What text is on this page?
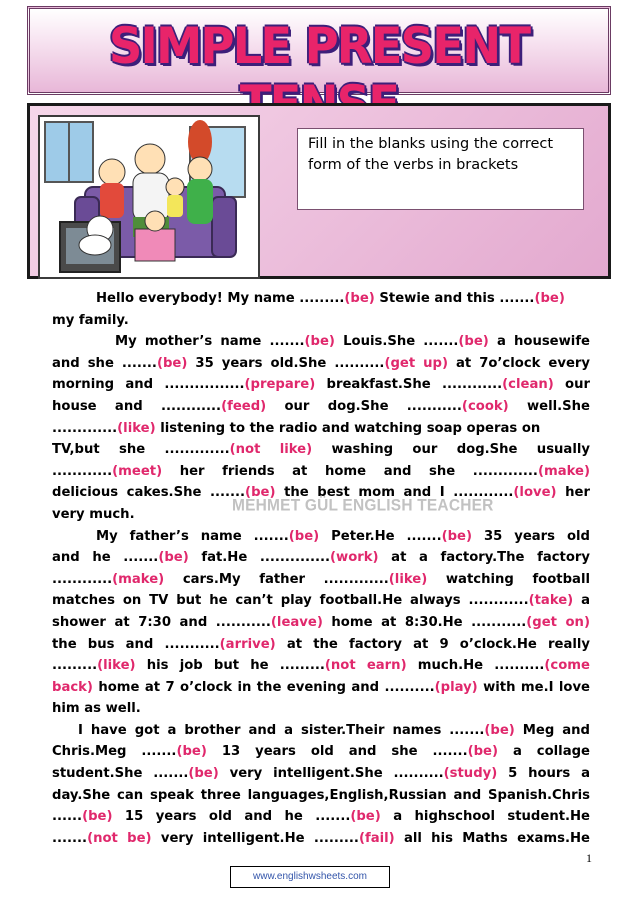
SIMPLE PRESENT
Fill in the blanks using the correct form of the verbs in brackets
Hello everybody! My name .........(be) Stewie and this .......(be)
my family.
My mother’s name .......(be) Louis.She .......(be) a housewife
and she .......(be) 35 years old.She ..........(get up) at 7o’clock every
morning and ................(prepare) breakfast.She ............(clean) our
house and ............(feed) our dog.She ...........(cook) well.She
.............(like) listening to the radio and watching soap operas on
TV,but she .............(not like) washing our dog.She usually
............(meet) her friends at home and she .............(make)
delicious cakes.She .......(be) the best mom and I ............(love) her
very much.
My father’s name .......(be) Peter.He .......(be) 35 years old
and he .......(be) fat.He ..............(work) at a factory.The factory
............(make) cars.My father .............(like) watching football
matches on TV but he can’t play football.He always ............(take) a
shower at 7:30 and ...........(leave) home at 8:30.He ...........(get on)
the bus and ...........(arrive) at the factory at 9 o’clock.He really
.........(like) his job but he .........(not earn) much.He ..........(come
back) home at 7 o’clock in the evening and ..........(play) with me.I love
him as well.
I have got a brother and a sister.Their names .......(be) Meg and
Chris.Meg .......(be) 13 years old and she .......(be) a collage
student.She .......(be) very intelligent.She ..........(study) 5 hours a
day.She can speak three languages,English,Russian and Spanish.Chris
......(be) 15 years old and he .......(be) a highschool student.He
.......(not be) very intelligent.He .........(fail) all his Maths exams.He
MEHMET GÜL ENGLISH TEACHER
1
www.englishwsheets.com
